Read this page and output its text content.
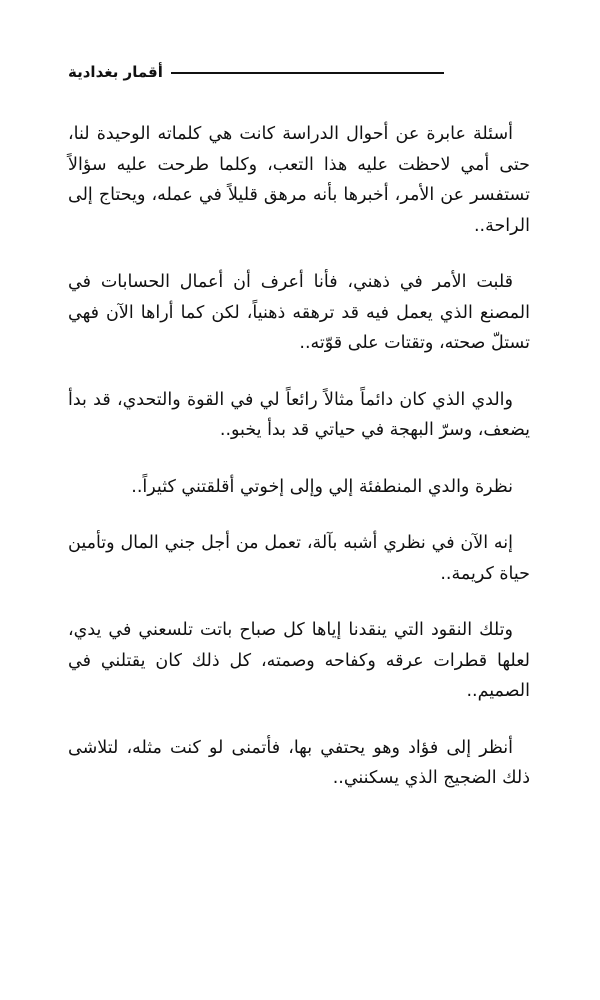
أقمار بغدادية

أسئلة عابرة عن أحوال الدراسة كانت هي كلماته الوحيدة لنا، حتى أمي لاحظت عليه هذا التعب، وكلما طرحت عليه سؤالاً تستفسر عن الأمر، أخبرها بأنه مرهق قليلاً في عمله، ويحتاج إلى الراحة..

قلبت الأمر في ذهني، فأنا أعرف أن أعمال الحسابات في المصنع الذي يعمل فيه قد ترهقه ذهنياً، لكن كما أراها الآن فهي تستلّ صحته، وتقتات على قوّته..

والدي الذي كان دائماً مثالاً رائعاً لي في القوة والتحدي، قد بدأ يضعف، وسرّ البهجة في حياتي قد بدأ يخبو..

نظرة والدي المنطفئة إلي وإلى إخوتي أقلقتني كثيراً..

إنه الآن في نظري أشبه بآلة، تعمل من أجل جني المال وتأمين حياة كريمة..

وتلك النقود التي ينقدنا إياها كل صباح باتت تلسعني في يدي، لعلها قطرات عرقه وكفاحه وصمته، كل ذلك كان يقتلني في الصميم..

أنظر إلى فؤاد وهو يحتفي بها، فأتمنى لو كنت مثله، لتلاشى ذلك الضجيج الذي يسكنني..
